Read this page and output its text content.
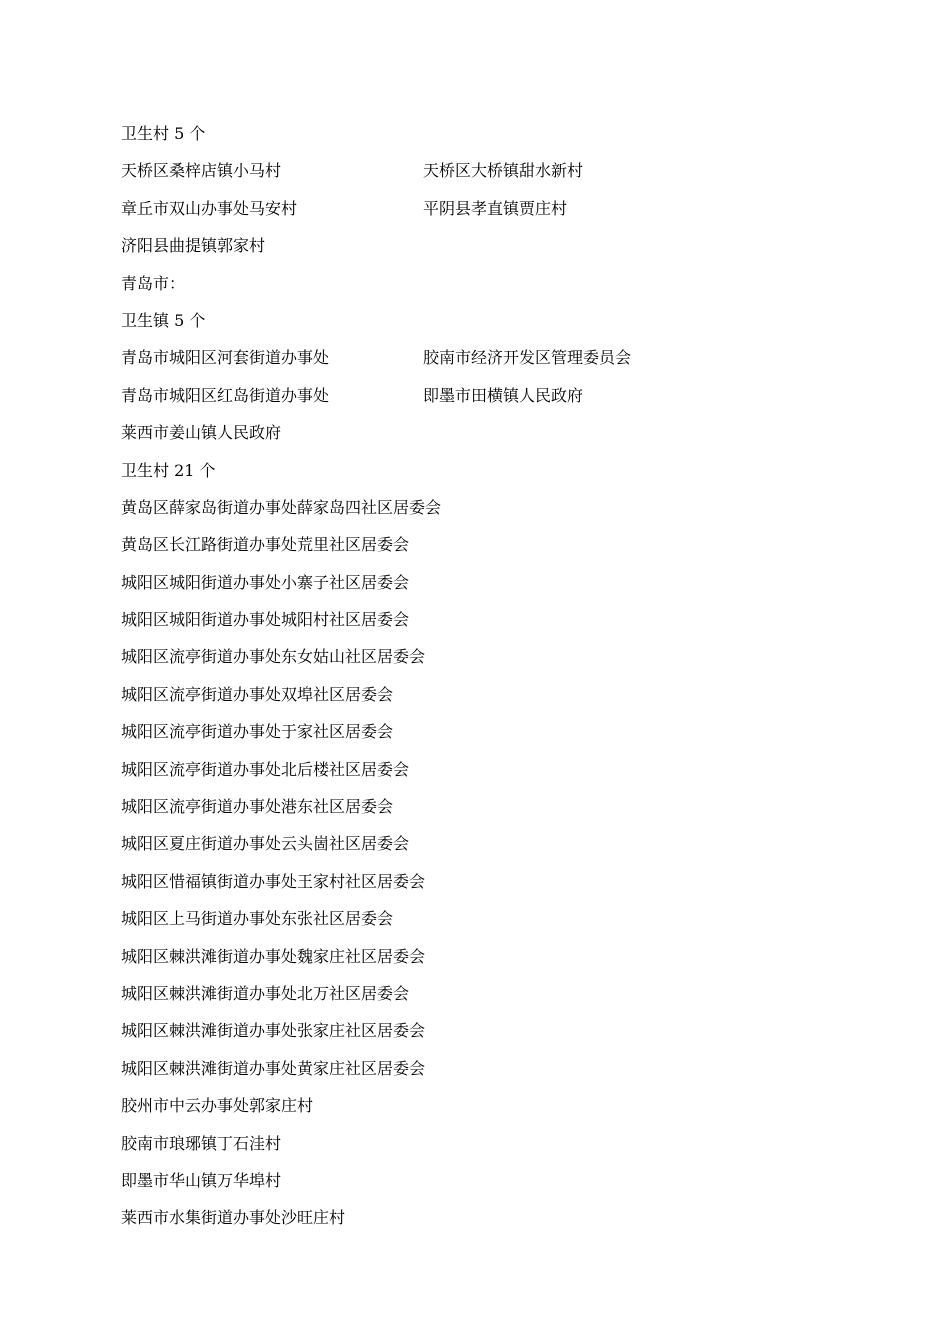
卫生村 5 个
天桥区桑梓店镇小马村	天桥区大桥镇甜水新村
章丘市双山办事处马安村	平阴县孝直镇贾庄村
济阳县曲提镇郭家村
青岛市：
卫生镇 5 个
青岛市城阳区河套街道办事处	胶南市经济开发区管理委员会
青岛市城阳区红岛街道办事处	即墨市田横镇人民政府
莱西市姜山镇人民政府
卫生村 21 个
黄岛区薛家岛街道办事处薛家岛四社区居委会
黄岛区长江路街道办事处荒里社区居委会
城阳区城阳街道办事处小寨子社区居委会
城阳区城阳街道办事处城阳村社区居委会
城阳区流亭街道办事处东女姑山社区居委会
城阳区流亭街道办事处双埠社区居委会
城阳区流亭街道办事处于家社区居委会
城阳区流亭街道办事处北后楼社区居委会
城阳区流亭街道办事处港东社区居委会
城阳区夏庄街道办事处云头崮社区居委会
城阳区惜福镇街道办事处王家村社区居委会
城阳区上马街道办事处东张社区居委会
城阳区棘洪滩街道办事处魏家庄社区居委会
城阳区棘洪滩街道办事处北万社区居委会
城阳区棘洪滩街道办事处张家庄社区居委会
城阳区棘洪滩街道办事处黄家庄社区居委会
胶州市中云办事处郭家庄村
胶南市琅琊镇丁石洼村
即墨市华山镇万华埠村
莱西市水集街道办事处沙旺庄村
